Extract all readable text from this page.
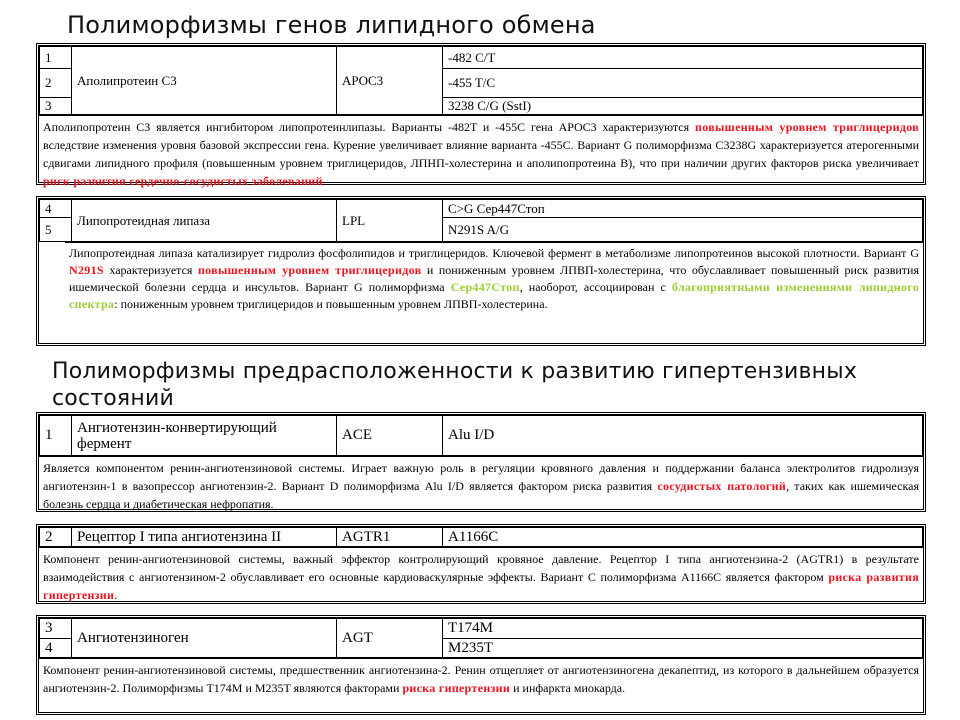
Полиморфизмы генов липидного обмена
1	Аполипротеин С3	APOC3	-482 C/T
2			-455 T/C
3			3238 C/G (SstI)
Аполипопротеин С3 является ингибитором липопротеинлипазы. Варианты -482T и -455C гена APOC3 характеризуются повышенным уровнем триглицеридов вследствие изменения уровня базовой экспрессии гена. Курение увеличивает влияние варианта -455C. Вариант G полиморфизма C3238G характеризуется атерогенными сдвигами липидного профиля (повышенным уровнем триглицеридов, ЛПНП-холестерина и аполипопротеина В), что при наличии других факторов риска увеличивает риск развития сердечно-сосудистых заболеваний.
4	Липопротеидная липаза	LPL	C>G Сер447Стоп
5			N291S A/G
Липопротеидная липаза катализирует гидролиз фосфолипидов и триглицеридов. Ключевой фермент в метаболизме липопротеинов высокой плотности. Вариант G N291S характеризуется повышенным уровнем триглицеридов и пониженным уровнем ЛПВП-холестерина, что обуславливает повышенный риск развития ишемической болезни сердца и инсультов. Вариант G полиморфизма Сер447Стоп, наоборот, ассоциирован с благоприятными изменениями липидного спектра: пониженным уровнем триглицеридов и повышенным уровнем ЛПВП-холестерина.
Полиморфизмы предрасположенности к развитию гипертензивных
состояний
1	Ангиотензин-конвертирующий фермент	ACE	Alu I/D
Является компонентом ренин-ангиотензиновой системы. Играет важную роль в регуляции кровяного давления и поддержании баланса электролитов гидролизуя ангиотензин-1 в вазопрессор ангиотензин-2. Вариант D полиморфизма Alu I/D является фактором риска развития сосудистых патологий, таких как ишемическая болезнь сердца и диабетическая нефропатия.
2	Рецептор I типа ангиотензина II	AGTR1	A1166C
Компонент ренин-ангиотензиновой системы, важный эффектор контролирующий кровяное давление. Рецептор I типа ангиотензина-2 (AGTR1) в результате взаимодействия с ангиотензином-2 обуславливает его основные кардиоваскулярные эффекты. Вариант С полиморфизма A1166C является фактором риска развития гипертензии.
3	Ангиотензиноген	AGT	T174M
4			M235T
Компонент ренин-ангиотензиновой системы, предшественник ангиотензина-2. Ренин отщепляет от ангиотензиногена декапептид, из которого в дальнейшем образуется ангиотензин-2. Полиморфизмы T174M и M235T являются факторами риска гипертензии и инфаркта миокарда.
